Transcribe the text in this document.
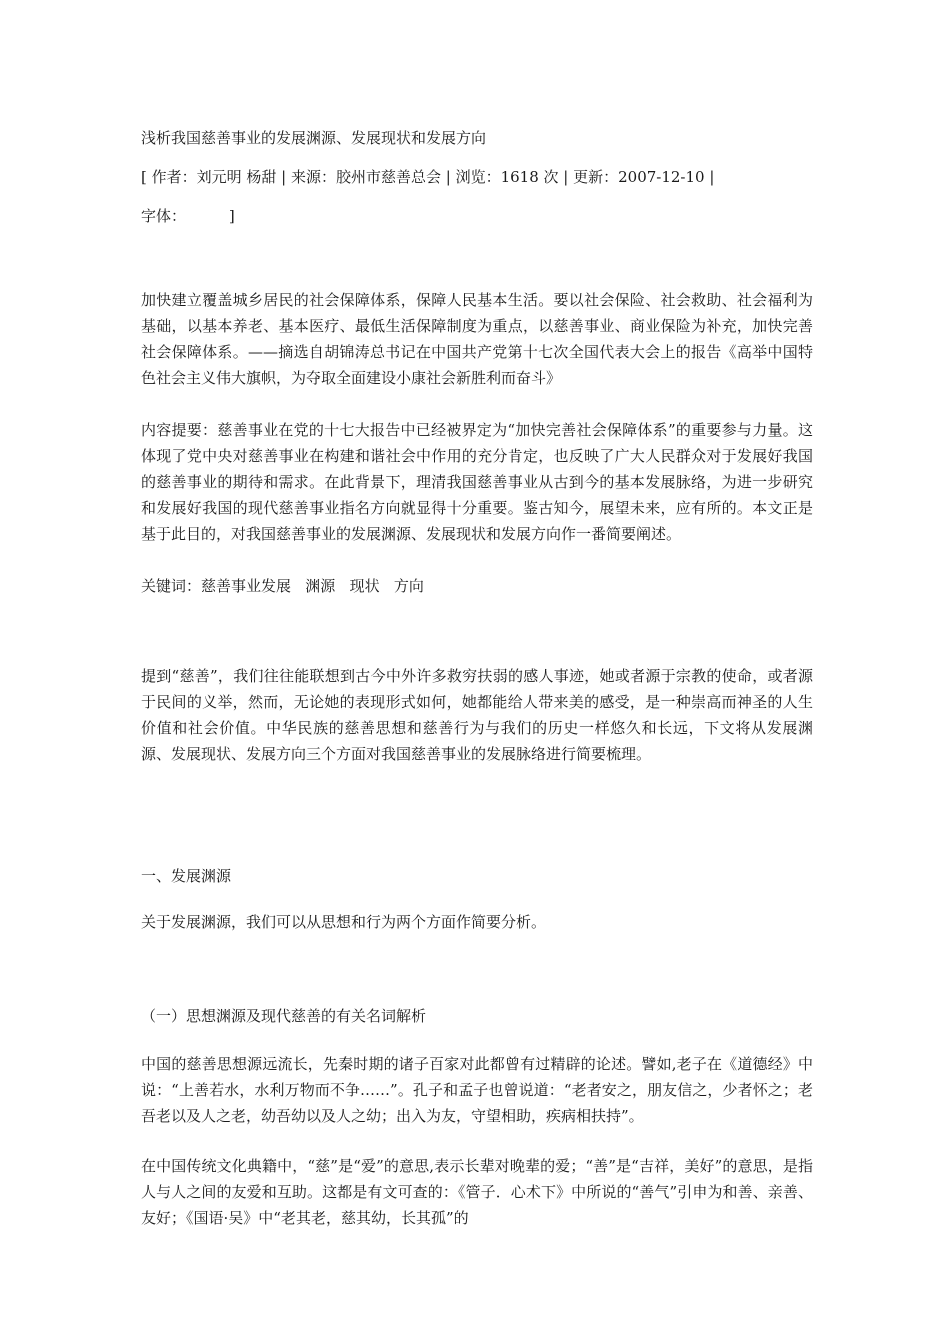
浅析我国慈善事业的发展渊源、发展现状和发展方向

[ 作者：刘元明 杨甜 | 来源：胶州市慈善总会 | 浏览：1618 次 | 更新：2007-12-10 |

字体：         ]

加快建立覆盖城乡居民的社会保障体系，保障人民基本生活。要以社会保险、社会救助、社会福利为基础，以基本养老、基本医疗、最低生活保障制度为重点，以慈善事业、商业保险为补充，加快完善社会保障体系。——摘选自胡锦涛总书记在中国共产党第十七次全国代表大会上的报告《高举中国特色社会主义伟大旗帜，为夺取全面建设小康社会新胜利而奋斗》

内容提要：慈善事业在党的十七大报告中已经被界定为“加快完善社会保障体系”的重要参与力量。这体现了党中央对慈善事业在构建和谐社会中作用的充分肯定，也反映了广大人民群众对于发展好我国的慈善事业的期待和需求。在此背景下，理清我国慈善事业从古到今的基本发展脉络，为进一步研究和发展好我国的现代慈善事业指名方向就显得十分重要。鉴古知今，展望未来，应有所的。本文正是基于此目的，对我国慈善事业的发展渊源、发展现状和发展方向作一番简要阐述。

关键词：慈善事业发展   渊源   现状   方向

提到“慈善”，我们往往能联想到古今中外许多救穷扶弱的感人事迹，她或者源于宗教的使命，或者源于民间的义举，然而，无论她的表现形式如何，她都能给人带来美的感受，是一种崇高而神圣的人生价值和社会价值。中华民族的慈善思想和慈善行为与我们的历史一样悠久和长远，下文将从发展渊源、发展现状、发展方向三个方面对我国慈善事业的发展脉络进行简要梳理。

一、发展渊源

关于发展渊源，我们可以从思想和行为两个方面作简要分析。

（一）思想渊源及现代慈善的有关名词解析

中国的慈善思想源远流长，先秦时期的诸子百家对此都曾有过精辟的论述。譬如,老子在《道德经》中说：“上善若水，水利万物而不争……”。孔子和孟子也曾说道：“老者安之，朋友信之，少者怀之；老吾老以及人之老，幼吾幼以及人之幼；出入为友，守望相助，疾病相扶持”。

在中国传统文化典籍中，“慈”是“爱”的意思,表示长辈对晚辈的爱；“善”是“吉祥，美好”的意思，是指人与人之间的友爱和互助。这都是有文可查的：《管子．心术下》中所说的“善气”引申为和善、亲善、友好；《国语·吴》中“老其老，慈其幼，长其孤”的
